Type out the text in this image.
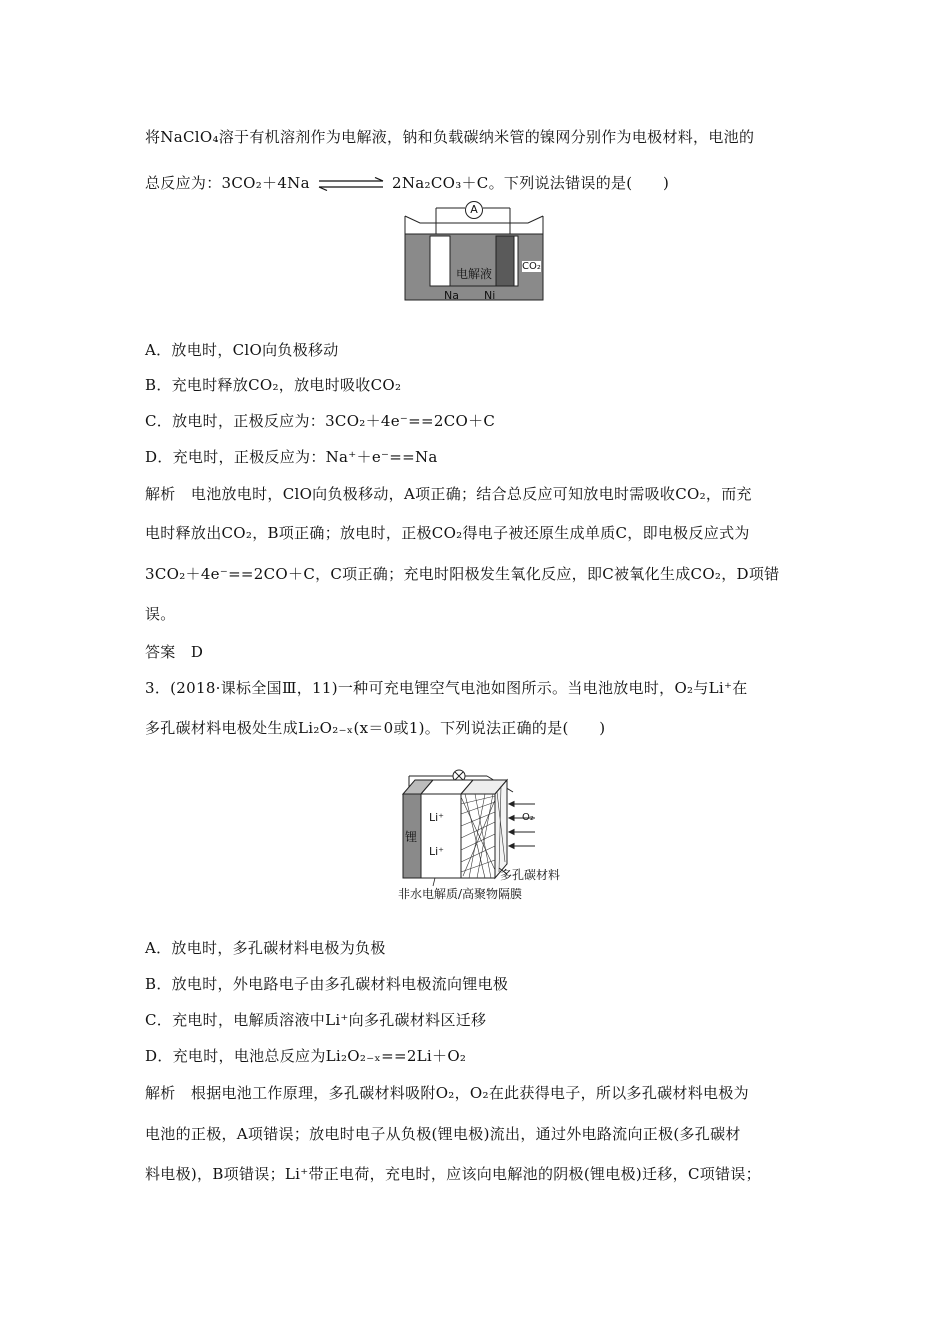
将NaClO₄溶于有机溶剂作为电解液，钠和负载碳纳米管的镍网分别作为电极材料，电池的
总反应为：3CO₂＋4Na	2Na₂CO₃＋C。下列说法错误的是(　　)
A
电解液
CO₂
Na Ni
A．放电时，ClO向负极移动
B．充电时释放CO₂，放电时吸收CO₂
C．放电时，正极反应为：3CO₂＋4e⁻==2CO＋C
D．充电时，正极反应为：Na⁺＋e⁻==Na
解析　电池放电时，ClO向负极移动，A项正确；结合总反应可知放电时需吸收CO₂，而充
电时释放出CO₂，B项正确；放电时，正极CO₂得电子被还原生成单质C，即电极反应式为
3CO₂＋4e⁻==2CO＋C，C项正确；充电时阳极发生氧化反应，即C被氧化生成CO₂，D项错
误。
答案　D
3．(2018·课标全国Ⅲ，11)一种可充电锂空气电池如图所示。当电池放电时，O₂与Li⁺在
多孔碳材料电极处生成Li₂O₂₋ₓ(x＝0或1)。下列说法正确的是(　　)
锂
Li⁺
Li⁺
O₂
多孔碳材料
非水电解质/高聚物隔膜
A．放电时，多孔碳材料电极为负极
B．放电时，外电路电子由多孔碳材料电极流向锂电极
C．充电时，电解质溶液中Li⁺向多孔碳材料区迁移
D．充电时，电池总反应为Li₂O₂₋ₓ==2Li＋O₂
解析　根据电池工作原理，多孔碳材料吸附O₂，O₂在此获得电子，所以多孔碳材料电极为
电池的正极，A项错误；放电时电子从负极(锂电极)流出，通过外电路流向正极(多孔碳材
料电极)，B项错误；Li⁺带正电荷，充电时，应该向电解池的阴极(锂电极)迁移，C项错误；
